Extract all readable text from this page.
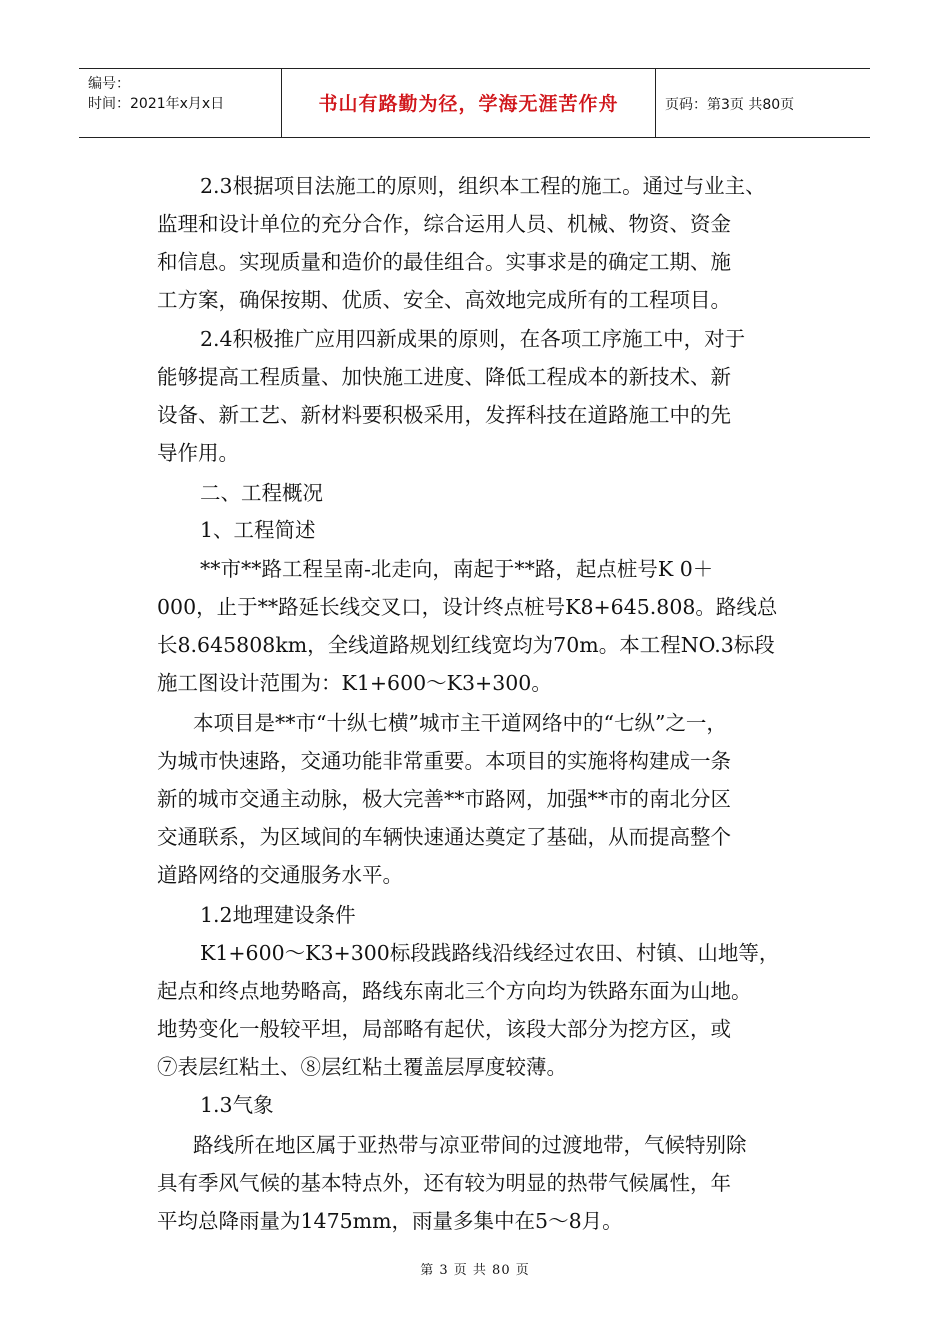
编号：
时间：2021年x月x日	书山有路勤为径，学海无涯苦作舟	页码：第3页 共80页
2.3根据项目法施工的原则，组织本工程的施工。通过与业主、
监理和设计单位的充分合作，综合运用人员、机械、物资、资金
和信息。实现质量和造价的最佳组合。实事求是的确定工期、施
工方案，确保按期、优质、安全、高效地完成所有的工程项目。
2.4积极推广应用四新成果的原则，在各项工序施工中，对于
能够提高工程质量、加快施工进度、降低工程成本的新技术、新
设备、新工艺、新材料要积极采用，发挥科技在道路施工中的先
导作用。
二、工程概况
1、工程简述
**市**路工程呈南-北走向，南起于**路，起点桩号K 0＋
000，止于**路延长线交叉口，设计终点桩号K8+645.808。路线总
长8.645808km，全线道路规划红线宽均为70m。本工程NO.3标段
施工图设计范围为：K1+600～K3+300。
本项目是**市“十纵七横”城市主干道网络中的“七纵”之一，
为城市快速路，交通功能非常重要。本项目的实施将构建成一条
新的城市交通主动脉，极大完善**市路网，加强**市的南北分区
交通联系，为区域间的车辆快速通达奠定了基础，从而提高整个
道路网络的交通服务水平。
1.2地理建设条件
K1+600～K3+300标段践路线沿线经过农田、村镇、山地等，
起点和终点地势略高，路线东南北三个方向均为铁路东面为山地。
地势变化一般较平坦，局部略有起伏，该段大部分为挖方区，或
⑦表层红粘土、⑧层红粘土覆盖层厚度较薄。
1.3气象
路线所在地区属于亚热带与凉亚带间的过渡地带，气候特别除
具有季风气候的基本特点外，还有较为明显的热带气候属性，年
平均总降雨量为1475mm，雨量多集中在5～8月。
第 3 页 共 80 页
